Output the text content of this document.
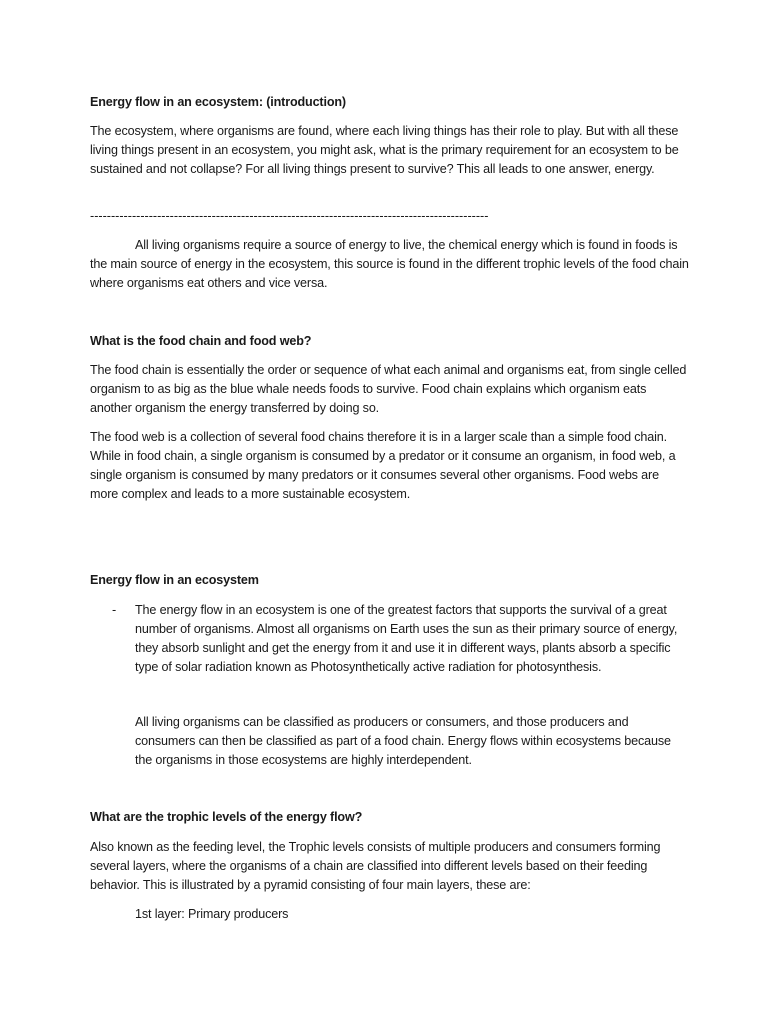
Energy flow in an ecosystem: (introduction)

The ecosystem, where organisms are found, where each living things has their role to play. But with all these living things present in an ecosystem, you might ask, what is the primary requirement for an ecosystem to be sustained and not collapse? For all living things present to survive? This all leads to one answer, energy.

-----------------------------------------------------------------------------------------------

All living organisms require a source of energy to live, the chemical energy which is found in foods is the main source of energy in the ecosystem, this source is found in the different trophic levels of the food chain where organisms eat others and vice versa.

What is the food chain and food web?

The food chain is essentially the order or sequence of what each animal and organisms eat, from single celled organism to as big as the blue whale needs foods to survive. Food chain explains which organism eats another organism the energy transferred by doing so.

The food web is a collection of several food chains therefore it is in a larger scale than a simple food chain. While in food chain, a single organism is consumed by a predator or it consume an organism, in food web, a single organism is consumed by many predators or it consumes several other organisms. Food webs are more complex and leads to a more sustainable ecosystem.

Energy flow in an ecosystem

- The energy flow in an ecosystem is one of the greatest factors that supports the survival of a great number of organisms. Almost all organisms on Earth uses the sun as their primary source of energy, they absorb sunlight and get the energy from it and use it in different ways, plants absorb a specific type of solar radiation known as Photosynthetically active radiation for photosynthesis.

All living organisms can be classified as producers or consumers, and those producers and consumers can then be classified as part of a food chain. Energy flows within ecosystems because the organisms in those ecosystems are highly interdependent.

What are the trophic levels of the energy flow?

Also known as the feeding level, the Trophic levels consists of multiple producers and consumers forming several layers, where the organisms of a chain are classified into different levels based on their feeding behavior. This is illustrated by a pyramid consisting of four main layers, these are:

1st layer: Primary producers
